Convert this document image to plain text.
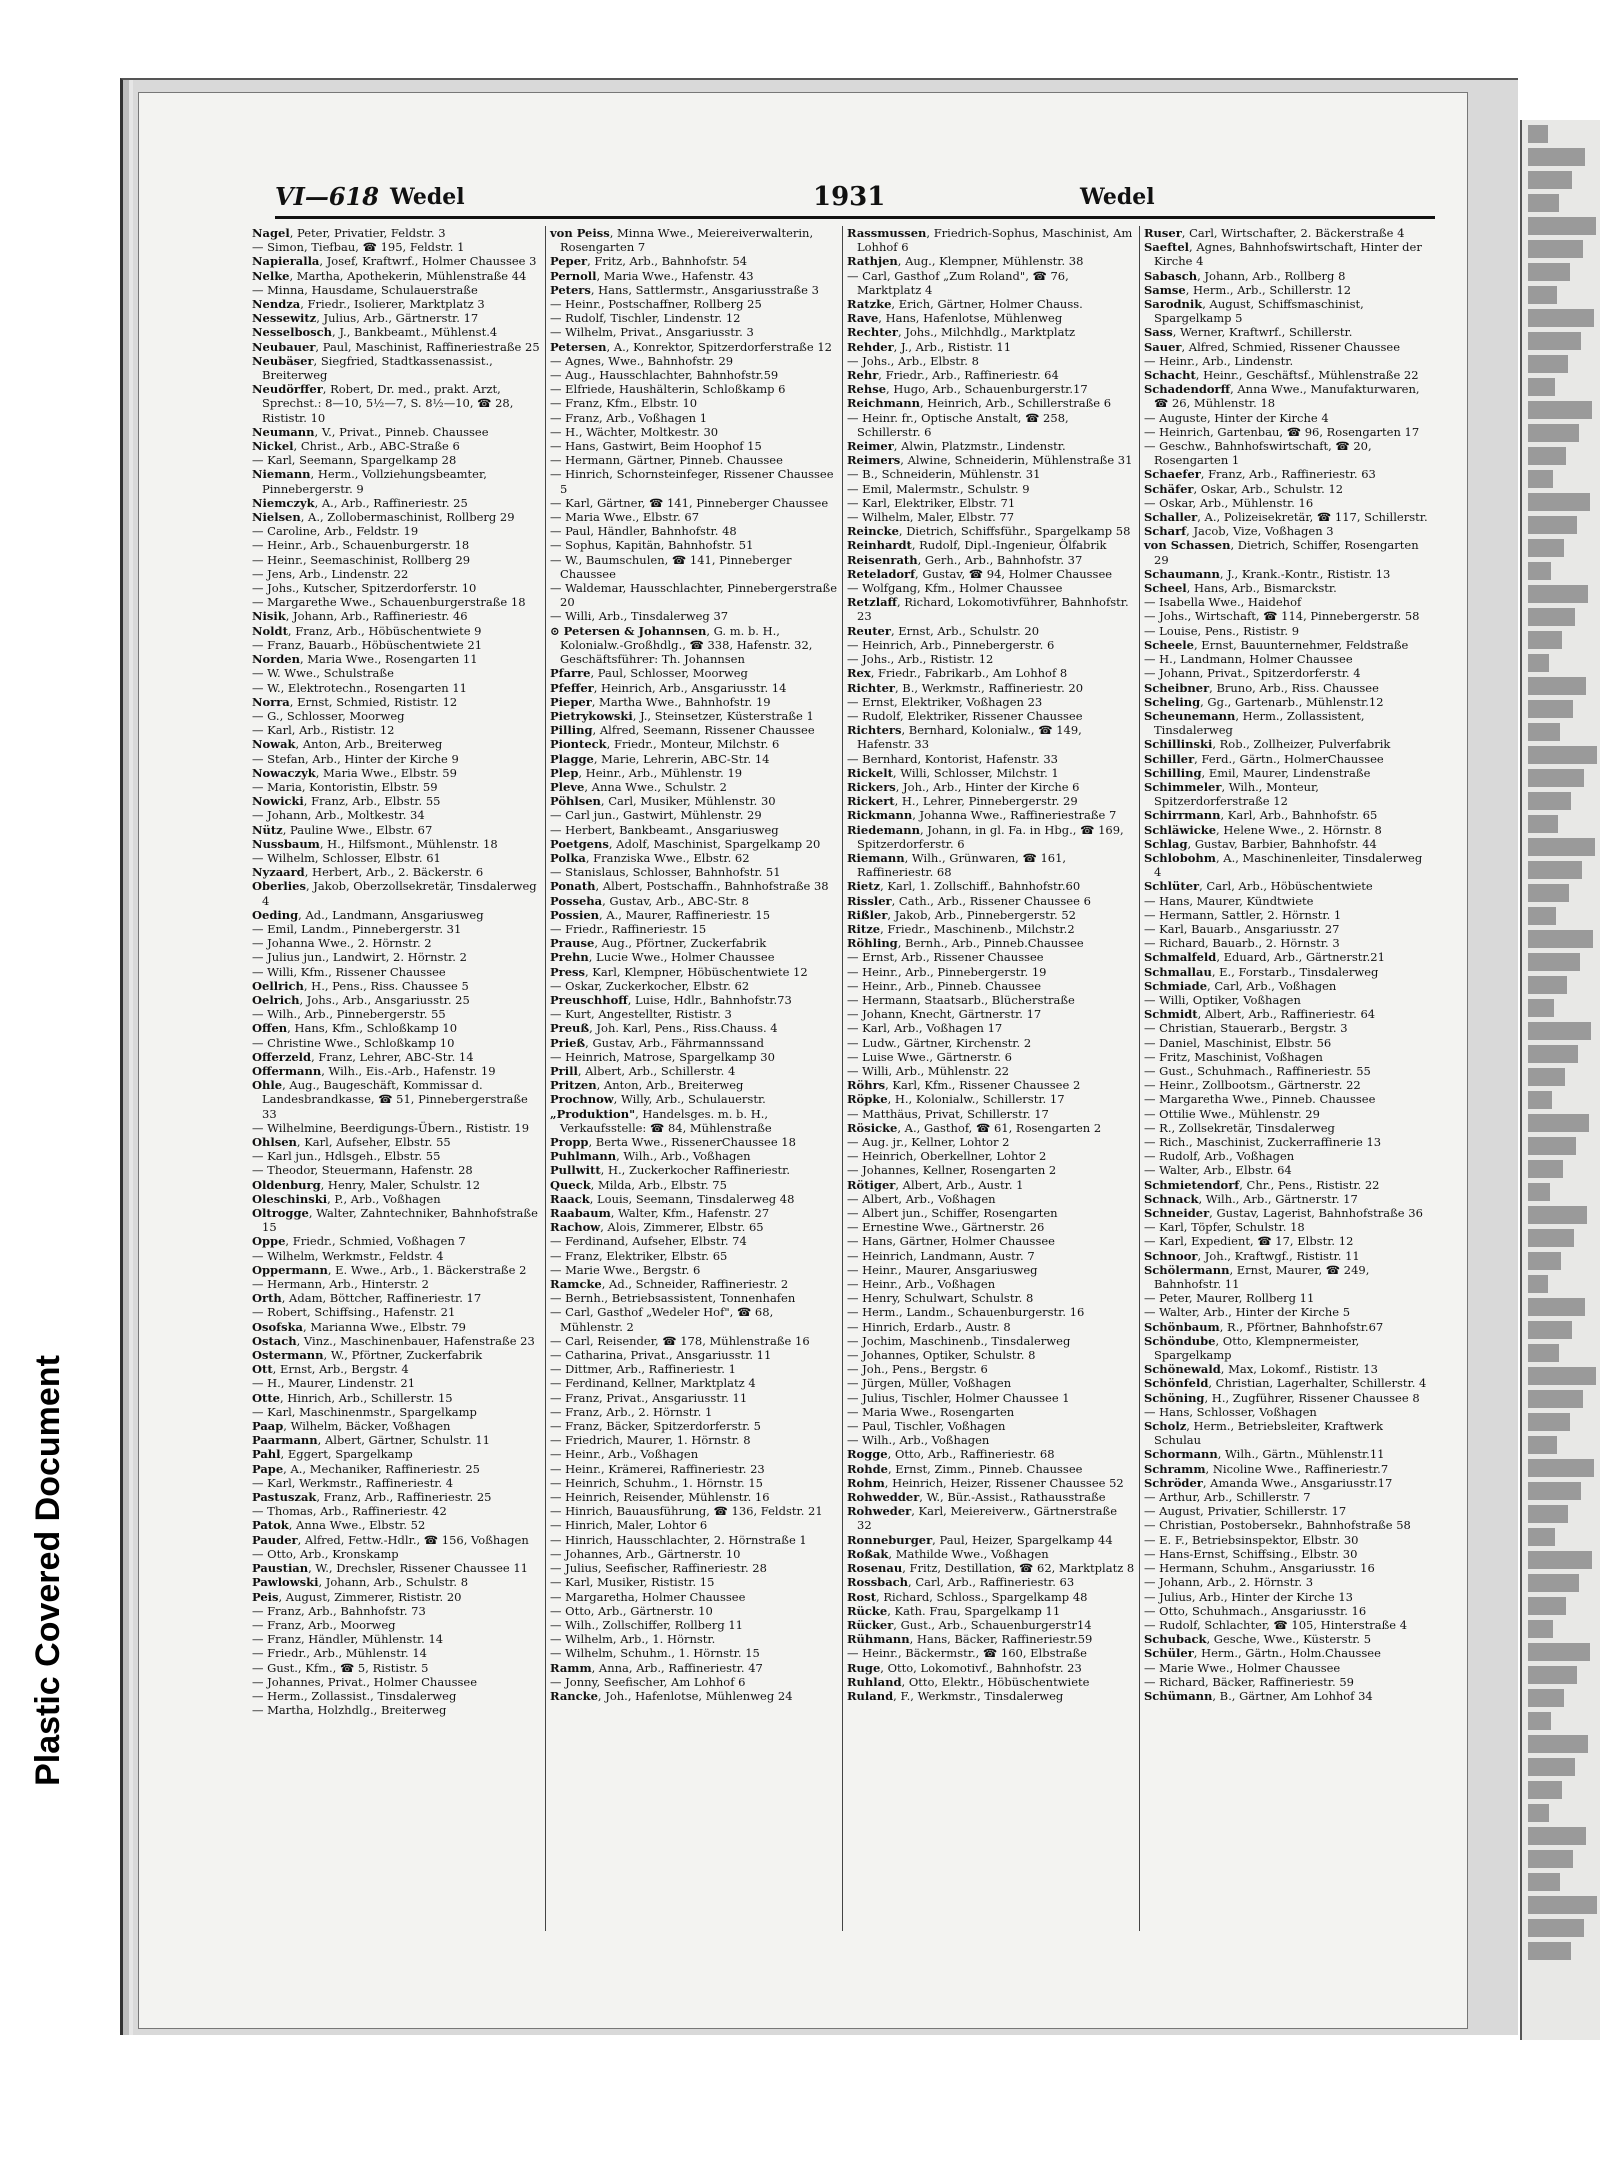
Plastic Covered Document
VI—618 Wedel	1931	Wedel
Nagel, Peter, Privatier, Feldstr. 3
— Simon, Tiefbau, ☎ 195, Feldstr. 1
Napieralla, Josef, Kraftwrf., Holmer Chaussee 3
Nelke, Martha, Apothekerin, Mühlenstraße 44
— Minna, Hausdame, Schulauerstraße
Nendza, Friedr., Isolierer, Marktplatz 3
Nessewitz, Julius, Arb., Gärtnerstr. 17
Nesselbosch, J., Bankbeamt., Mühlenst.4
Neubauer, Paul, Maschinist, Raffineriestraße 25
Neubäser, Siegfried, Stadtkassenassist., Breiterweg
Neudörffer, Robert, Dr. med., prakt. Arzt, Sprechst.: 8—10, 5½—7, S. 8½—10, ☎ 28, Rististr. 10
Neumann, V., Privat., Pinneb. Chaussee
Nickel, Christ., Arb., ABC-Straße 6
— Karl, Seemann, Spargelkamp 28
Niemann, Herm., Vollziehungsbeamter, Pinnebergerstr. 9
Niemczyk, A., Arb., Raffineriestr. 25
Nielsen, A., Zollobermaschinist, Rollberg 29
— Caroline, Arb., Feldstr. 19
— Heinr., Arb., Schauenburgerstr. 18
— Heinr., Seemaschinist, Rollberg 29
— Jens, Arb., Lindenstr. 22
— Johs., Kutscher, Spitzerdorferstr. 10
— Margarethe Wwe., Schauenburgerstraße 18
Nisik, Johann, Arb., Raffineriestr. 46
Noldt, Franz, Arb., Höbüschentwiete 9
— Franz, Bauarb., Höbüschentwiete 21
Norden, Maria Wwe., Rosengarten 11
— W. Wwe., Schulstraße
— W., Elektrotechn., Rosengarten 11
Norra, Ernst, Schmied, Rististr. 12
— G., Schlosser, Moorweg
— Karl, Arb., Rististr. 12
Nowak, Anton, Arb., Breiterweg
— Stefan, Arb., Hinter der Kirche 9
Nowaczyk, Maria Wwe., Elbstr. 59
— Maria, Kontoristin, Elbstr. 59
Nowicki, Franz, Arb., Elbstr. 55
— Johann, Arb., Moltkestr. 34
Nütz, Pauline Wwe., Elbstr. 67
Nussbaum, H., Hilfsmont., Mühlenstr. 18
— Wilhelm, Schlosser, Elbstr. 61
Nyzaard, Herbert, Arb., 2. Bäckerstr. 6
Oberlies, Jakob, Oberzollsekretär, Tinsdalerweg 4
Oeding, Ad., Landmann, Ansgariusweg
— Emil, Landm., Pinnebergerstr. 31
— Johanna Wwe., 2. Hörnstr. 2
— Julius jun., Landwirt, 2. Hörnstr. 2
— Willi, Kfm., Rissener Chaussee
Oellrich, H., Pens., Riss. Chaussee 5
Oelrich, Johs., Arb., Ansgariusstr. 25
— Wilh., Arb., Pinnebergerstr. 55
Offen, Hans, Kfm., Schloßkamp 10
— Christine Wwe., Schloßkamp 10
Offerzeld, Franz, Lehrer, ABC-Str. 14
Offermann, Wilh., Eis.-Arb., Hafenstr. 19
Ohle, Aug., Baugeschäft, Kommissar d. Landesbrandkasse, ☎ 51, Pinnebergerstraße 33
— Wilhelmine, Beerdigungs-Übern., Rististr. 19
Ohlsen, Karl, Aufseher, Elbstr. 55
— Karl jun., Hdlsgeh., Elbstr. 55
— Theodor, Steuermann, Hafenstr. 28
Oldenburg, Henry, Maler, Schulstr. 12
Oleschinski, P., Arb., Voßhagen
Oltrogge, Walter, Zahntechniker, Bahnhofstraße 15
Oppe, Friedr., Schmied, Voßhagen 7
— Wilhelm, Werkmstr., Feldstr. 4
Oppermann, E. Wwe., Arb., 1. Bäckerstraße 2
— Hermann, Arb., Hinterstr. 2
Orth, Adam, Böttcher, Raffineriestr. 17
— Robert, Schiffsing., Hafenstr. 21
Osofska, Marianna Wwe., Elbstr. 79
Ostach, Vinz., Maschinenbauer, Hafenstraße 23
Ostermann, W., Pförtner, Zuckerfabrik
Ott, Ernst, Arb., Bergstr. 4
— H., Maurer, Lindenstr. 21
Otte, Hinrich, Arb., Schillerstr. 15
— Karl, Maschinenmstr., Spargelkamp
Paap, Wilhelm, Bäcker, Voßhagen
Paarmann, Albert, Gärtner, Schulstr. 11
Pahl, Eggert, Spargelkamp
Pape, A., Mechaniker, Raffineriestr. 25
— Karl, Werkmstr., Raffineriestr. 4
Pastuszak, Franz, Arb., Raffineriestr. 25
— Thomas, Arb., Raffineriestr. 42
Patok, Anna Wwe., Elbstr. 52
Pauder, Alfred, Fettw.-Hdlr., ☎ 156, Voßhagen
— Otto, Arb., Kronskamp
Paustian, W., Drechsler, Rissener Chaussee 11
Pawlowski, Johann, Arb., Schulstr. 8
Peis, August, Zimmerer, Rististr. 20
— Franz, Arb., Bahnhofstr. 73
— Franz, Arb., Moorweg
— Franz, Händler, Mühlenstr. 14
— Friedr., Arb., Mühlenstr. 14
— Gust., Kfm., ☎ 5, Rististr. 5
— Johannes, Privat., Holmer Chaussee
— Herm., Zollassist., Tinsdalerweg
— Martha, Holzhdlg., Breiterweg
von Peiss, Minna Wwe., Meiereiverwalterin, Rosengarten 7
Peper, Fritz, Arb., Bahnhofstr. 54
Pernoll, Maria Wwe., Hafenstr. 43
Peters, Hans, Sattlermstr., Ansgariusstraße 3
— Heinr., Postschaffner, Rollberg 25
— Rudolf, Tischler, Lindenstr. 12
— Wilhelm, Privat., Ansgariusstr. 3
Petersen, A., Konrektor, Spitzerdorferstraße 12
— Agnes, Wwe., Bahnhofstr. 29
— Aug., Hausschlachter, Bahnhofstr.59
— Elfriede, Haushälterin, Schloßkamp 6
— Franz, Kfm., Elbstr. 10
— Franz, Arb., Voßhagen 1
— H., Wächter, Moltkestr. 30
— Hans, Gastwirt, Beim Hoophof 15
— Hermann, Gärtner, Pinneb. Chaussee
— Hinrich, Schornsteinfeger, Rissener Chaussee 5
— Karl, Gärtner, ☎ 141, Pinneberger Chaussee
— Maria Wwe., Elbstr. 67
— Paul, Händler, Bahnhofstr. 48
— Sophus, Kapitän, Bahnhofstr. 51
— W., Baumschulen, ☎ 141, Pinneberger Chaussee
— Waldemar, Hausschlachter, Pinnebergerstraße 20
— Willi, Arb., Tinsdalerweg 37
⊙ Petersen & Johannsen, G. m. b. H., Kolonialw.-Großhdlg., ☎ 338, Hafenstr. 32, Geschäftsführer: Th. Johannsen
Pfarre, Paul, Schlosser, Moorweg
Pfeffer, Heinrich, Arb., Ansgariusstr. 14
Pieper, Martha Wwe., Bahnhofstr. 19
Pietrykowski, J., Steinsetzer, Küsterstraße 1
Pilling, Alfred, Seemann, Rissener Chaussee
Pionteck, Friedr., Monteur, Milchstr. 6
Plagge, Marie, Lehrerin, ABC-Str. 14
Plep, Heinr., Arb., Mühlenstr. 19
Pleve, Anna Wwe., Schulstr. 2
Pöhlsen, Carl, Musiker, Mühlenstr. 30
— Carl jun., Gastwirt, Mühlenstr. 29
— Herbert, Bankbeamt., Ansgariusweg
Poetgens, Adolf, Maschinist, Spargelkamp 20
Polka, Franziska Wwe., Elbstr. 62
— Stanislaus, Schlosser, Bahnhofstr. 51
Ponath, Albert, Postschaffn., Bahnhofstraße 38
Posseha, Gustav, Arb., ABC-Str. 8
Possien, A., Maurer, Raffineriestr. 15
— Friedr., Raffineriestr. 15
Prause, Aug., Pförtner, Zuckerfabrik
Prehn, Lucie Wwe., Holmer Chaussee
Press, Karl, Klempner, Höbüschentwiete 12
— Oskar, Zuckerkocher, Elbstr. 62
Preuschhoff, Luise, Hdlr., Bahnhofstr.73
— Kurt, Angestellter, Rististr. 3
Preuß, Joh. Karl, Pens., Riss.Chauss. 4
Prieß, Gustav, Arb., Fährmannssand
— Heinrich, Matrose, Spargelkamp 30
Prill, Albert, Arb., Schillerstr. 4
Pritzen, Anton, Arb., Breiterweg
Prochnow, Willy, Arb., Schulauerstr.
„Produktion", Handelsges. m. b. H., Verkaufsstelle: ☎ 84, Mühlenstraße
Propp, Berta Wwe., RissenerChaussee 18
Puhlmann, Wilh., Arb., Voßhagen
Pullwitt, H., Zuckerkocher Raffineriestr.
Queck, Milda, Arb., Elbstr. 75
Raack, Louis, Seemann, Tinsdalerweg 48
Raabaum, Walter, Kfm., Hafenstr. 27
Rachow, Alois, Zimmerer, Elbstr. 65
— Ferdinand, Aufseher, Elbstr. 74
— Franz, Elektriker, Elbstr. 65
— Marie Wwe., Bergstr. 6
Ramcke, Ad., Schneider, Raffineriestr. 2
— Bernh., Betriebsassistent, Tonnenhafen
— Carl, Gasthof „Wedeler Hof", ☎ 68, Mühlenstr. 2
— Carl, Reisender, ☎ 178, Mühlenstraße 16
— Catharina, Privat., Ansgariusstr. 11
— Dittmer, Arb., Raffineriestr. 1
— Ferdinand, Kellner, Marktplatz 4
— Franz, Privat., Ansgariusstr. 11
— Franz, Arb., 2. Hörnstr. 1
— Franz, Bäcker, Spitzerdorferstr. 5
— Friedrich, Maurer, 1. Hörnstr. 8
— Heinr., Arb., Voßhagen
— Heinr., Krämerei, Raffineriestr. 23
— Heinrich, Schuhm., 1. Hörnstr. 15
— Heinrich, Reisender, Mühlenstr. 16
— Hinrich, Bauausführung, ☎ 136, Feldstr. 21
— Hinrich, Maler, Lohtor 6
— Hinrich, Hausschlachter, 2. Hörnstraße 1
— Johannes, Arb., Gärtnerstr. 10
— Julius, Seefischer, Raffineriestr. 28
— Karl, Musiker, Rististr. 15
— Margaretha, Holmer Chaussee
— Otto, Arb., Gärtnerstr. 10
— Wilh., Zollschiffer, Rollberg 11
— Wilhelm, Arb., 1. Hörnstr.
— Wilhelm, Schuhm., 1. Hörnstr. 15
Ramm, Anna, Arb., Raffineriestr. 47
— Jonny, Seefischer, Am Lohhof 6
Rancke, Joh., Hafenlotse, Mühlenweg 24
Rassmussen, Friedrich-Sophus, Maschinist, Am Lohhof 6
Rathjen, Aug., Klempner, Mühlenstr. 38
— Carl, Gasthof „Zum Roland", ☎ 76, Marktplatz 4
Ratzke, Erich, Gärtner, Holmer Chauss.
Rave, Hans, Hafenlotse, Mühlenweg
Rechter, Johs., Milchhdlg., Marktplatz
Rehder, J., Arb., Rististr. 11
— Johs., Arb., Elbstr. 8
Rehr, Friedr., Arb., Raffineriestr. 64
Rehse, Hugo, Arb., Schauenburgerstr.17
Reichmann, Heinrich, Arb., Schillerstraße 6
— Heinr. fr., Optische Anstalt, ☎ 258, Schillerstr. 6
Reimer, Alwin, Platzmstr., Lindenstr.
Reimers, Alwine, Schneiderin, Mühlenstraße 31
— B., Schneiderin, Mühlenstr. 31
— Emil, Malermstr., Schulstr. 9
— Karl, Elektriker, Elbstr. 71
— Wilhelm, Maler, Elbstr. 77
Reincke, Dietrich, Schiffsführ., Spargelkamp 58
Reinhardt, Rudolf, Dipl.-Ingenieur, Ölfabrik
Reisenrath, Gerh., Arb., Bahnhofstr. 37
Reteladorf, Gustav, ☎ 94, Holmer Chaussee
— Wolfgang, Kfm., Holmer Chaussee
Retzlaff, Richard, Lokomotivführer, Bahnhofstr. 23
Reuter, Ernst, Arb., Schulstr. 20
— Heinrich, Arb., Pinnebergerstr. 6
— Johs., Arb., Rististr. 12
Rex, Friedr., Fabrikarb., Am Lohhof 8
Richter, B., Werkmstr., Raffineriestr. 20
— Ernst, Elektriker, Voßhagen 23
— Rudolf, Elektriker, Rissener Chaussee
Richters, Bernhard, Kolonialw., ☎ 149, Hafenstr. 33
— Bernhard, Kontorist, Hafenstr. 33
Rickelt, Willi, Schlosser, Milchstr. 1
Rickers, Joh., Arb., Hinter der Kirche 6
Rickert, H., Lehrer, Pinnebergerstr. 29
Rickmann, Johanna Wwe., Raffineriestraße 7
Riedemann, Johann, in gl. Fa. in Hbg., ☎ 169, Spitzerdorferstr. 6
Riemann, Wilh., Grünwaren, ☎ 161, Raffineriestr. 68
Rietz, Karl, 1. Zollschiff., Bahnhofstr.60
Rissler, Cath., Arb., Rissener Chaussee 6
Rißler, Jakob, Arb., Pinnebergerstr. 52
Ritze, Friedr., Maschinenb., Milchstr.2
Röhling, Bernh., Arb., Pinneb.Chaussee
— Ernst, Arb., Rissener Chaussee
— Heinr., Arb., Pinnebergerstr. 19
— Heinr., Arb., Pinneb. Chaussee
— Hermann, Staatsarb., Blücherstraße
— Johann, Knecht, Gärtnerstr. 17
— Karl, Arb., Voßhagen 17
— Ludw., Gärtner, Kirchenstr. 2
— Luise Wwe., Gärtnerstr. 6
— Willi, Arb., Mühlenstr. 22
Röhrs, Karl, Kfm., Rissener Chaussee 2
Röpke, H., Kolonialw., Schillerstr. 17
— Matthäus, Privat, Schillerstr. 17
Rösicke, A., Gasthof, ☎ 61, Rosengarten 2
— Aug. jr., Kellner, Lohtor 2
— Heinrich, Oberkellner, Lohtor 2
— Johannes, Kellner, Rosengarten 2
Rötiger, Albert, Arb., Austr. 1
— Albert, Arb., Voßhagen
— Albert jun., Schiffer, Rosengarten
— Ernestine Wwe., Gärtnerstr. 26
— Hans, Gärtner, Holmer Chaussee
— Heinrich, Landmann, Austr. 7
— Heinr., Maurer, Ansgariusweg
— Heinr., Arb., Voßhagen
— Henry, Schulwart, Schulstr. 8
— Herm., Landm., Schauenburgerstr. 16
— Hinrich, Erdarb., Austr. 8
— Jochim, Maschinenb., Tinsdalerweg
— Johannes, Optiker, Schulstr. 8
— Joh., Pens., Bergstr. 6
— Jürgen, Müller, Voßhagen
— Julius, Tischler, Holmer Chaussee 1
— Maria Wwe., Rosengarten
— Paul, Tischler, Voßhagen
— Wilh., Arb., Voßhagen
Rogge, Otto, Arb., Raffineriestr. 68
Rohde, Ernst, Zimm., Pinneb. Chaussee
Rohm, Heinrich, Heizer, Rissener Chaussee 52
Rohwedder, W., Bür.-Assist., Rathausstraße
Rohweder, Karl, Meiereiverw., Gärtnerstraße 32
Ronneburger, Paul, Heizer, Spargelkamp 44
Roßak, Mathilde Wwe., Voßhagen
Rosenau, Fritz, Destillation, ☎ 62, Marktplatz 8
Rossbach, Carl, Arb., Raffineriestr. 63
Rost, Richard, Schloss., Spargelkamp 48
Rücke, Kath. Frau, Spargelkamp 11
Rücker, Gust., Arb., Schauenburgerstr14
Rühmann, Hans, Bäcker, Raffineriestr.59
— Heinr., Bäckermstr., ☎ 160, Elbstraße
Ruge, Otto, Lokomotivf., Bahnhofstr. 23
Ruhland, Otto, Elektr., Höbüschentwiete
Ruland, F., Werkmstr., Tinsdalerweg
Ruser, Carl, Wirtschafter, 2. Bäckerstraße 4
Saeftel, Agnes, Bahnhofswirtschaft, Hinter der Kirche 4
Sabasch, Johann, Arb., Rollberg 8
Samse, Herm., Arb., Schillerstr. 12
Sarodnik, August, Schiffsmaschinist, Spargelkamp 5
Sass, Werner, Kraftwrf., Schillerstr.
Sauer, Alfred, Schmied, Rissener Chaussee
— Heinr., Arb., Lindenstr.
Schacht, Heinr., Geschäftsf., Mühlenstraße 22
Schadendorff, Anna Wwe., Manufakturwaren, ☎ 26, Mühlenstr. 18
— Auguste, Hinter der Kirche 4
— Heinrich, Gartenbau, ☎ 96, Rosengarten 17
— Geschw., Bahnhofswirtschaft, ☎ 20, Rosengarten 1
Schaefer, Franz, Arb., Raffineriestr. 63
Schäfer, Oskar, Arb., Schulstr. 12
— Oskar, Arb., Mühlenstr. 16
Schaller, A., Polizeisekretär, ☎ 117, Schillerstr.
Scharf, Jacob, Vize, Voßhagen 3
von Schassen, Dietrich, Schiffer, Rosengarten 29
Schaumann, J., Krank.-Kontr., Rististr. 13
Scheel, Hans, Arb., Bismarckstr.
— Isabella Wwe., Haidehof
— Johs., Wirtschaft, ☎ 114, Pinnebergerstr. 58
— Louise, Pens., Rististr. 9
Scheele, Ernst, Bauunternehmer, Feldstraße
— H., Landmann, Holmer Chaussee
— Johann, Privat., Spitzerdorferstr. 4
Scheibner, Bruno, Arb., Riss. Chaussee
Scheling, Gg., Gartenarb., Mühlenstr.12
Scheunemann, Herm., Zollassistent, Tinsdalerweg
Schillinski, Rob., Zollheizer, Pulverfabrik
Schiller, Ferd., Gärtn., HolmerChaussee
Schilling, Emil, Maurer, Lindenstraße
Schimmeler, Wilh., Monteur, Spitzerdorferstraße 12
Schirrmann, Karl, Arb., Bahnhofstr. 65
Schläwicke, Helene Wwe., 2. Hörnstr. 8
Schlag, Gustav, Barbier, Bahnhofstr. 44
Schlobohm, A., Maschinenleiter, Tinsdalerweg 4
Schlüter, Carl, Arb., Höbüschentwiete
— Hans, Maurer, Kündtwiete
— Hermann, Sattler, 2. Hörnstr. 1
— Karl, Bauarb., Ansgariusstr. 27
— Richard, Bauarb., 2. Hörnstr. 3
Schmalfeld, Eduard, Arb., Gärtnerstr.21
Schmallau, E., Forstarb., Tinsdalerweg
Schmiade, Carl, Arb., Voßhagen
— Willi, Optiker, Voßhagen
Schmidt, Albert, Arb., Raffineriestr. 64
— Christian, Stauerarb., Bergstr. 3
— Daniel, Maschinist, Elbstr. 56
— Fritz, Maschinist, Voßhagen
— Gust., Schuhmach., Raffineriestr. 55
— Heinr., Zollbootsm., Gärtnerstr. 22
— Margaretha Wwe., Pinneb. Chaussee
— Ottilie Wwe., Mühlenstr. 29
— R., Zollsekretär, Tinsdalerweg
— Rich., Maschinist, Zuckerraffinerie 13
— Rudolf, Arb., Voßhagen
— Walter, Arb., Elbstr. 64
Schmietendorf, Chr., Pens., Rististr. 22
Schnack, Wilh., Arb., Gärtnerstr. 17
Schneider, Gustav, Lagerist, Bahnhofstraße 36
— Karl, Töpfer, Schulstr. 18
— Karl, Expedient, ☎ 17, Elbstr. 12
Schnoor, Joh., Kraftwgf., Rististr. 11
Schölermann, Ernst, Maurer, ☎ 249, Bahnhofstr. 11
— Peter, Maurer, Rollberg 11
— Walter, Arb., Hinter der Kirche 5
Schönbaum, R., Pförtner, Bahnhofstr.67
Schöndube, Otto, Klempnermeister, Spargelkamp
Schönewald, Max, Lokomf., Rististr. 13
Schönfeld, Christian, Lagerhalter, Schillerstr. 4
Schöning, H., Zugführer, Rissener Chaussee 8
— Hans, Schlosser, Voßhagen
Scholz, Herm., Betriebsleiter, Kraftwerk Schulau
Schormann, Wilh., Gärtn., Mühlenstr.11
Schramm, Nicoline Wwe., Raffineriestr.7
Schröder, Amanda Wwe., Ansgariusstr.17
— Arthur, Arb., Schillerstr. 7
— August, Privatier, Schillerstr. 17
— Christian, Postobersekr., Bahnhofstraße 58
— E. F., Betriebsinspektor, Elbstr. 30
— Hans-Ernst, Schiffsing., Elbstr. 30
— Hermann, Schuhm., Ansgariusstr. 16
— Johann, Arb., 2. Hörnstr. 3
— Julius, Arb., Hinter der Kirche 13
— Otto, Schuhmach., Ansgariusstr. 16
— Rudolf, Schlachter, ☎ 105, Hinterstraße 4
Schuback, Gesche, Wwe., Küsterstr. 5
Schüler, Herm., Gärtn., Holm.Chaussee
— Marie Wwe., Holmer Chaussee
— Richard, Bäcker, Raffineriestr. 59
Schümann, B., Gärtner, Am Lohhof 34
